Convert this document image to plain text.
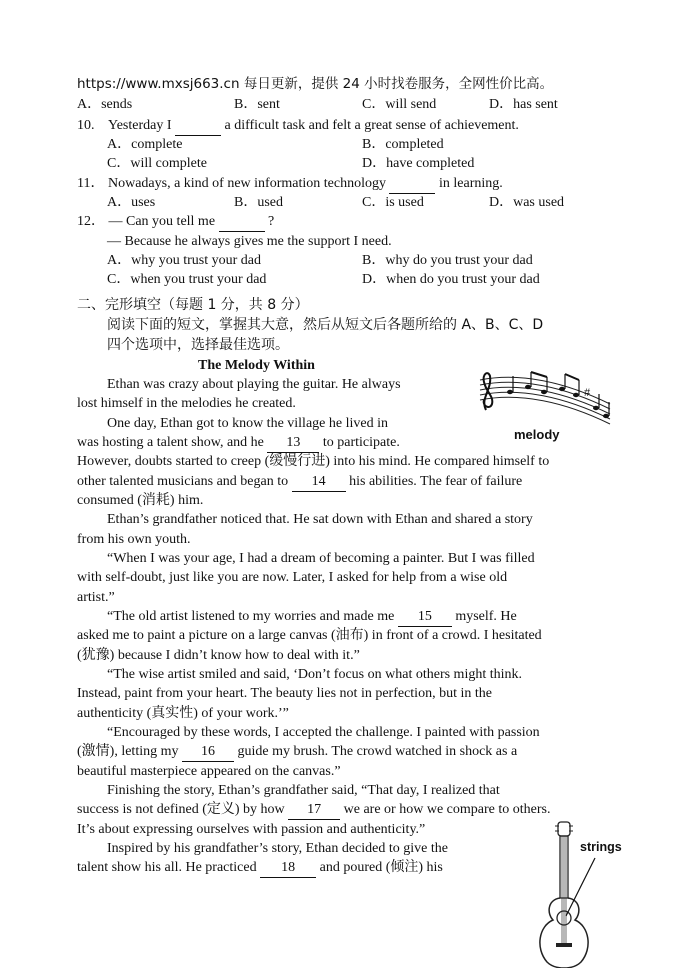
https://www.mxsj663.cn 每日更新，提供 24 小时找卷服务，全网性价比高。
A．sends	B．sent	C．will send	D．has sent
10. Yesterday I	a difficult task and felt a great sense of achievement.
A．complete	B．completed
C．will complete	D．have completed
11． Nowadays, a kind of new information technology	in learning.
A．uses	B．used	C．is used	D．was used
12． — Can you tell me	?
— Because he always gives me the support I need.
A．why you trust your dad	B．why do you trust your dad
C．when you trust your dad	D．when do you trust your dad
二、完形填空（每题 1 分，共 8 分）
阅读下面的短文，掌握其大意，然后从短文后各题所给的 A、B、C、D
四个选项中，选择最佳选项。
The Melody Within
#
melody
Ethan was crazy about playing the guitar. He always
lost himself in the melodies he created.
One day, Ethan got to know the village he lived in
was hosting a talent show, and he 13 to participate.
However, doubts started to creep (缓慢行进) into his mind. He compared himself to
other talented musicians and began to 14 his abilities. The fear of failure
consumed (消耗) him.
Ethan’s grandfather noticed that. He sat down with Ethan and shared a story
from his own youth.
“When I was your age, I had a dream of becoming a painter. But I was filled
with self-doubt, just like you are now. Later, I asked for help from a wise old
artist.”
“The old artist listened to my worries and made me 15 myself. He
asked me to paint a picture on a large canvas (油布) in front of a crowd. I hesitated
(犹豫) because I didn’t know how to deal with it.”
“The wise artist smiled and said, ‘Don’t focus on what others might think.
Instead, paint from your heart. The beauty lies not in perfection, but in the
authenticity (真实性) of your work.’”
“Encouraged by these words, I accepted the challenge. I painted with passion
(激情), letting my 16 guide my brush. The crowd watched in shock as a
beautiful masterpiece appeared on the canvas.”
Finishing the story, Ethan’s grandfather said, “That day, I realized that
success is not defined (定义) by how 17 we are or how we compare to others.
It’s about expressing ourselves with passion and authenticity.”
Inspired by his grandfather’s story, Ethan decided to give the
talent show his all. He practiced 18 and poured (倾注) his
strings
